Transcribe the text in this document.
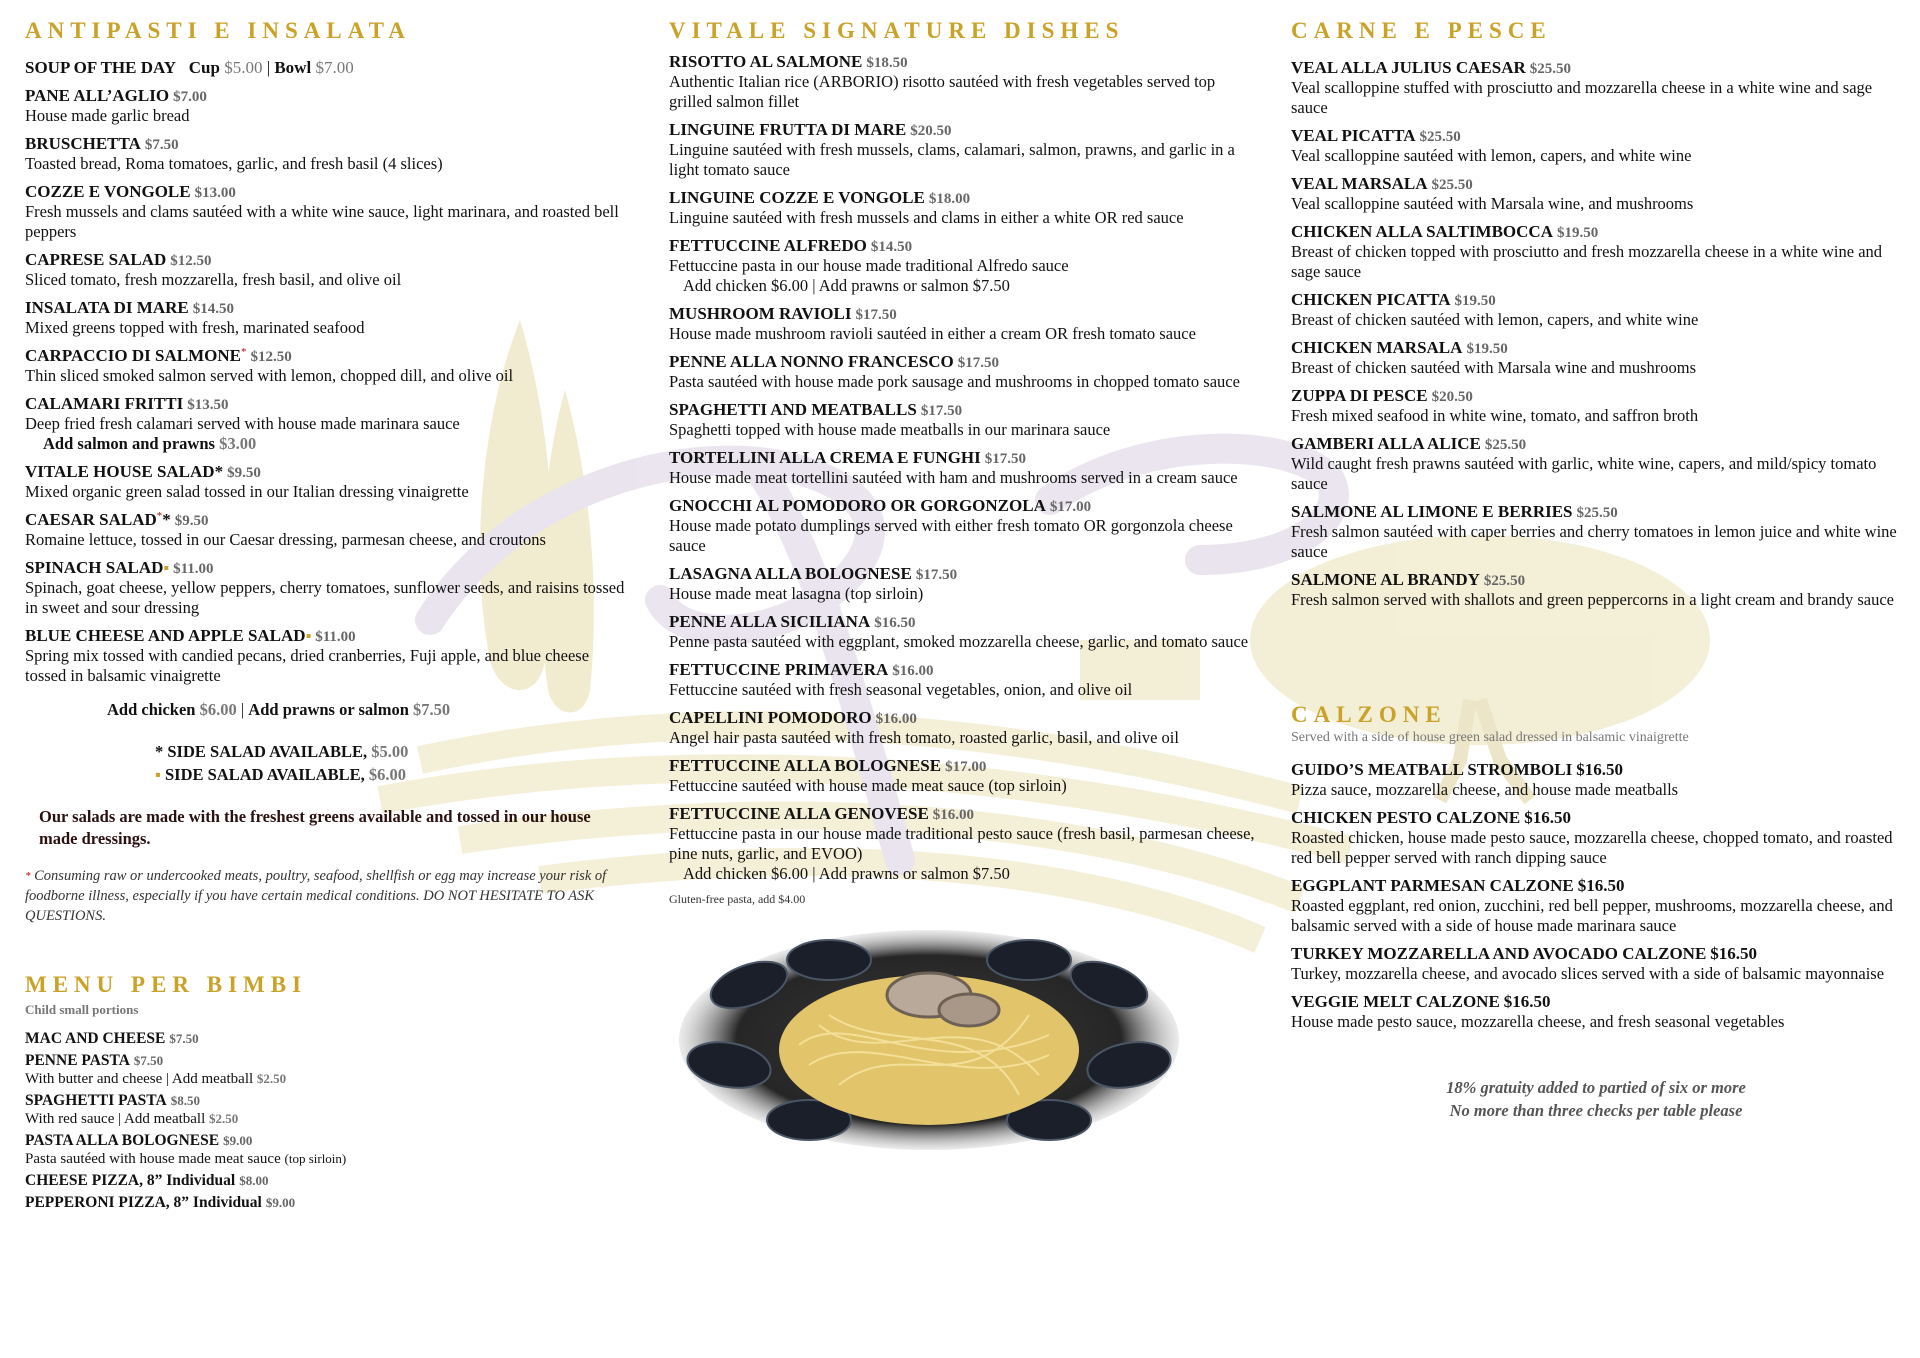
ANTIPASTI E INSALATA
SOUP OF THE DAY Cup $5.00 | Bowl $7.00
PANE ALL’AGLIO $7.00
House made garlic bread
BRUSCHETTA $7.50
Toasted bread, Roma tomatoes, garlic, and fresh basil (4 slices)
COZZE E VONGOLE $13.00
Fresh mussels and clams sautéed with a white wine sauce, light marinara, and roasted bell peppers
CAPRESE SALAD $12.50
Sliced tomato, fresh mozzarella, fresh basil, and olive oil
INSALATA DI MARE $14.50
Mixed greens topped with fresh, marinated seafood
CARPACCIO DI SALMONE* $12.50
Thin sliced smoked salmon served with lemon, chopped dill, and olive oil
CALAMARI FRITTI $13.50
Deep fried fresh calamari served with house made marinara sauce
Add salmon and prawns $3.00
VITALE HOUSE SALAD* $9.50
Mixed organic green salad tossed in our Italian dressing vinaigrette
CAESAR SALAD** $9.50
Romaine lettuce, tossed in our Caesar dressing, parmesan cheese, and croutons
SPINACH SALAD▪ $11.00
Spinach, goat cheese, yellow peppers, cherry tomatoes, sunflower seeds, and raisins tossed in sweet and sour dressing
BLUE CHEESE AND APPLE SALAD▪ $11.00
Spring mix tossed with candied pecans, dried cranberries, Fuji apple, and blue cheese tossed in balsamic vinaigrette
Add chicken $6.00 | Add prawns or salmon $7.50
* SIDE SALAD AVAILABLE, $5.00
▪ SIDE SALAD AVAILABLE, $6.00
Our salads are made with the freshest greens available and tossed in our house made dressings.
* Consuming raw or undercooked meats, poultry, seafood, shellfish or egg may increase your risk of foodborne illness, especially if you have certain medical conditions. DO NOT HESITATE TO ASK QUESTIONS.
MENU PER BIMBI
Child small portions
MAC AND CHEESE $7.50
PENNE PASTA $7.50
With butter and cheese | Add meatball $2.50
SPAGHETTI PASTA $8.50
With red sauce | Add meatball $2.50
PASTA ALLA BOLOGNESE $9.00
Pasta sautéed with house made meat sauce (top sirloin)
CHEESE PIZZA, 8” Individual $8.00
PEPPERONI PIZZA, 8” Individual $9.00
VITALE SIGNATURE DISHES
RISOTTO AL SALMONE $18.50
Authentic Italian rice (ARBORIO) risotto sautéed with fresh vegetables served top grilled salmon fillet
LINGUINE FRUTTA DI MARE $20.50
Linguine sautéed with fresh mussels, clams, calamari, salmon, prawns, and garlic in a light tomato sauce
LINGUINE COZZE E VONGOLE $18.00
Linguine sautéed with fresh mussels and clams in either a white OR red sauce
FETTUCCINE ALFREDO $14.50
Fettuccine pasta in our house made traditional Alfredo sauce
Add chicken $6.00 | Add prawns or salmon $7.50
MUSHROOM RAVIOLI $17.50
House made mushroom ravioli sautéed in either a cream OR fresh tomato sauce
PENNE ALLA NONNO FRANCESCO $17.50
Pasta sautéed with house made pork sausage and mushrooms in chopped tomato sauce
SPAGHETTI AND MEATBALLS $17.50
Spaghetti topped with house made meatballs in our marinara sauce
TORTELLINI ALLA CREMA E FUNGHI $17.50
House made meat tortellini sautéed with ham and mushrooms served in a cream sauce
GNOCCHI AL POMODORO OR GORGONZOLA $17.00
House made potato dumplings served with either fresh tomato OR gorgonzola cheese sauce
LASAGNA ALLA BOLOGNESE $17.50
House made meat lasagna (top sirloin)
PENNE ALLA SICILIANA $16.50
Penne pasta sautéed with eggplant, smoked mozzarella cheese, garlic, and tomato sauce
FETTUCCINE PRIMAVERA $16.00
Fettuccine sautéed with fresh seasonal vegetables, onion, and olive oil
CAPELLINI POMODORO $16.00
Angel hair pasta sautéed with fresh tomato, roasted garlic, basil, and olive oil
FETTUCCINE ALLA BOLOGNESE $17.00
Fettuccine sautéed with house made meat sauce (top sirloin)
FETTUCCINE ALLA GENOVESE $16.00
Fettuccine pasta in our house made traditional pesto sauce (fresh basil, parmesan cheese, pine nuts, garlic, and EVOO)
Add chicken $6.00 | Add prawns or salmon $7.50
Gluten-free pasta, add $4.00
CARNE E PESCE
VEAL ALLA JULIUS CAESAR $25.50
Veal scalloppine stuffed with prosciutto and mozzarella cheese in a white wine and sage sauce
VEAL PICATTA $25.50
Veal scalloppine sautéed with lemon, capers, and white wine
VEAL MARSALA $25.50
Veal scalloppine sautéed with Marsala wine, and mushrooms
CHICKEN ALLA SALTIMBOCCA $19.50
Breast of chicken topped with prosciutto and fresh mozzarella cheese in a white wine and sage sauce
CHICKEN PICATTA $19.50
Breast of chicken sautéed with lemon, capers, and white wine
CHICKEN MARSALA $19.50
Breast of chicken sautéed with Marsala wine and mushrooms
ZUPPA DI PESCE $20.50
Fresh mixed seafood in white wine, tomato, and saffron broth
GAMBERI ALLA ALICE $25.50
Wild caught fresh prawns sautéed with garlic, white wine, capers, and mild/spicy tomato sauce
SALMONE AL LIMONE E BERRIES $25.50
Fresh salmon sautéed with caper berries and cherry tomatoes in lemon juice and white wine sauce
SALMONE AL BRANDY $25.50
Fresh salmon served with shallots and green peppercorns in a light cream and brandy sauce
CALZONE
Served with a side of house green salad dressed in balsamic vinaigrette
GUIDO’S MEATBALL STROMBOLI $16.50
Pizza sauce, mozzarella cheese, and house made meatballs
CHICKEN PESTO CALZONE $16.50
Roasted chicken, house made pesto sauce, mozzarella cheese, chopped tomato, and roasted red bell pepper served with ranch dipping sauce
EGGPLANT PARMESAN CALZONE $16.50
Roasted eggplant, red onion, zucchini, red bell pepper, mushrooms, mozzarella cheese, and balsamic served with a side of house made marinara sauce
TURKEY MOZZARELLA AND AVOCADO CALZONE $16.50
Turkey, mozzarella cheese, and avocado slices served with a side of balsamic mayonnaise
VEGGIE MELT CALZONE $16.50
House made pesto sauce, mozzarella cheese, and fresh seasonal vegetables
18% gratuity added to partied of six or more
No more than three checks per table please
